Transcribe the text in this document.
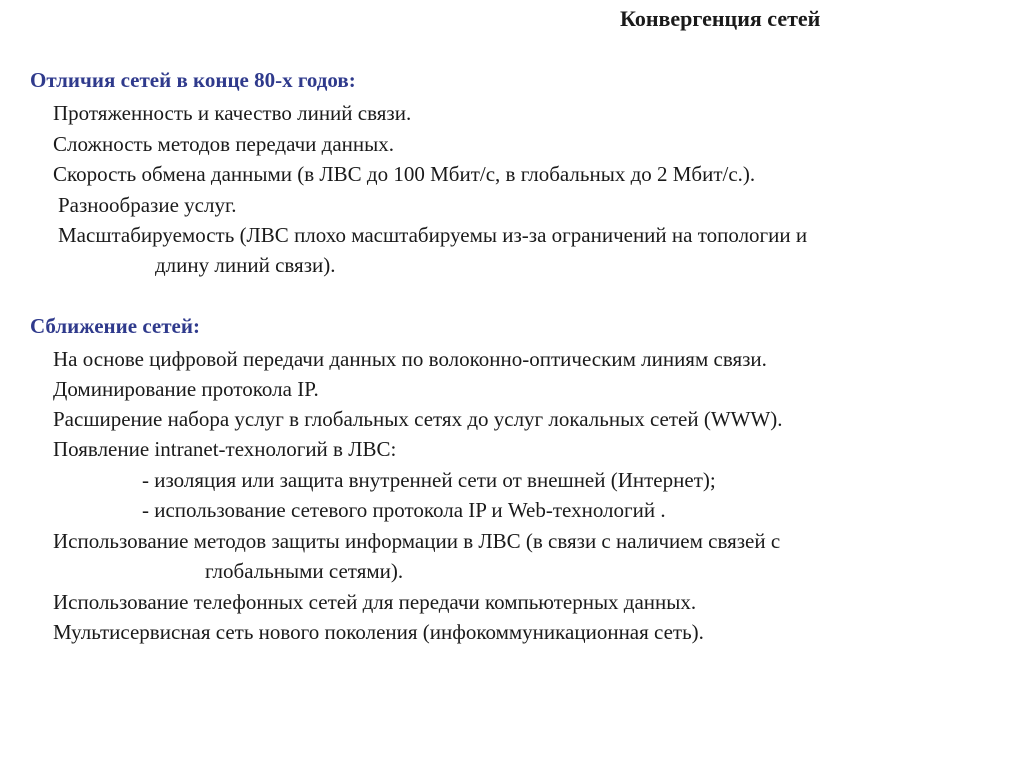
Конвергенция сетей
Отличия сетей в конце 80-х годов:
Протяженность и качество линий связи.
Сложность методов передачи данных.
Скорость обмена данными (в ЛВС до 100 Мбит/с, в глобальных до 2 Мбит/с.).
Разнообразие услуг.
Масштабируемость (ЛВС плохо масштабируемы из-за ограничений на топологии и
длину линий связи).
Сближение сетей:
На основе цифровой передачи данных по волоконно-оптическим линиям связи.
Доминирование протокола IP.
Расширение набора услуг в глобальных сетях до услуг локальных сетей (WWW).
Появление intranet-технологий в ЛВС:
- изоляция или защита внутренней сети от внешней (Интернет);
- использование сетевого протокола IP и Web-технологий .
Использование методов защиты информации в ЛВС (в связи с наличием связей с
глобальными сетями).
Использование телефонных сетей для передачи компьютерных данных.
Мультисервисная сеть нового поколения (инфокоммуникационная сеть).
